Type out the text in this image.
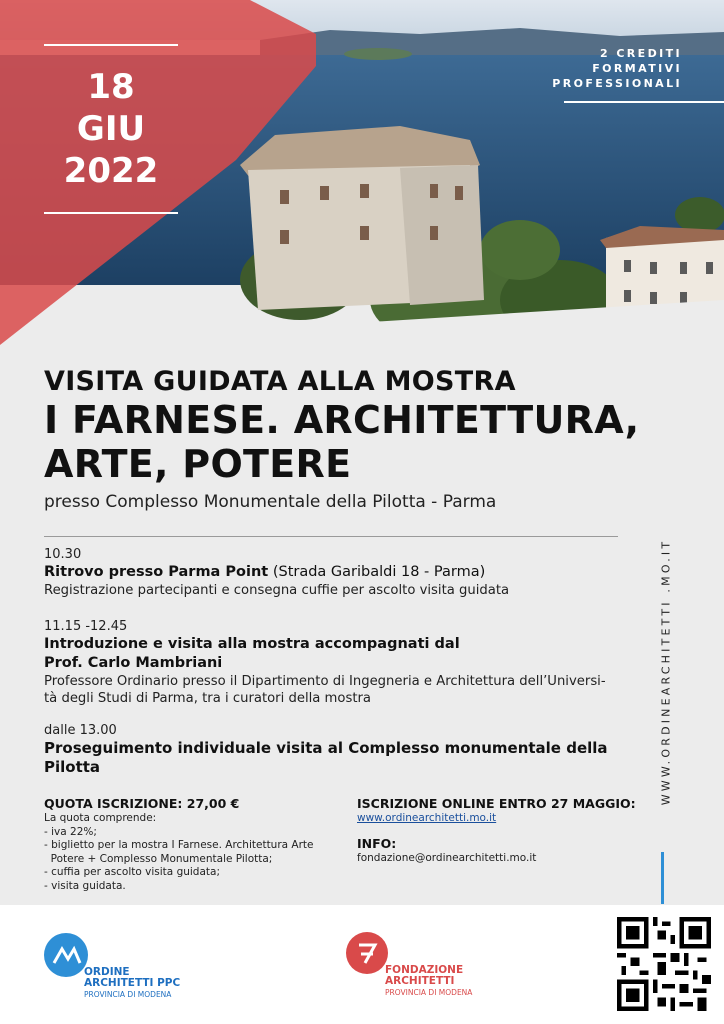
18
GIU
2022
2 CREDITI
FORMATIVI
PROFESSIONALI
VISITA GUIDATA ALLA MOSTRA
I FARNESE. ARCHITETTURA,
ARTE, POTERE
presso Complesso Monumentale della Pilotta - Parma
10.30
Ritrovo presso Parma Point (Strada Garibaldi 18 - Parma)
Registrazione partecipanti e consegna cuffie per ascolto visita guidata
11.15 -12.45
Introduzione e visita alla mostra accompagnati dal
Prof. Carlo Mambriani
Professore Ordinario presso il Dipartimento di Ingegneria e Architettura dell’Universi-
tà degli Studi di Parma, tra i curatori della mostra
dalle 13.00
Proseguimento individuale visita al Complesso monumentale della Pilotta
QUOTA ISCRIZIONE: 27,00 €
La quota comprende:
- iva 22%;
- biglietto per la mostra I Farnese. Architettura Arte
Potere + Complesso Monumentale Pilotta;
- cuffia per ascolto visita guidata;
- visita guidata.
ISCRIZIONE ONLINE ENTRO 27 MAGGIO:
www.ordinearchitetti.mo.it
INFO:
fondazione@ordinearchitetti.mo.it
WWW.ORDINEARCHITETTI .MO.IT
ORDINE
ARCHITETTI PPC
PROVINCIA DI MODENA
FONDAZIONE
ARCHITETTI
PROVINCIA DI MODENA
